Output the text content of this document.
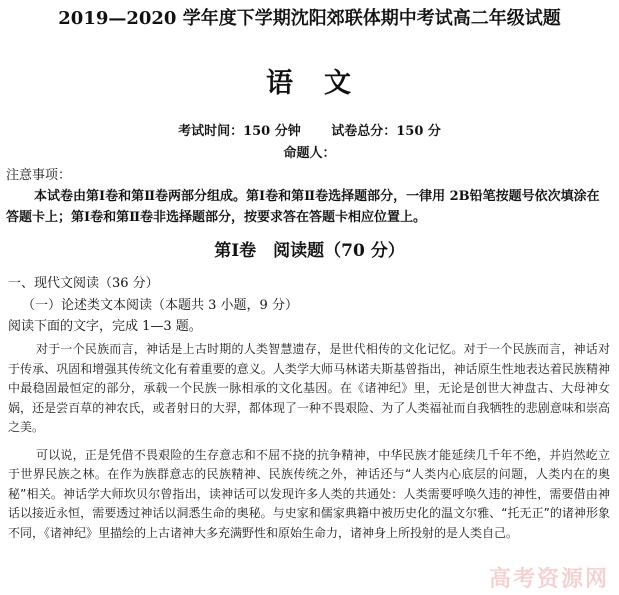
2019—2020 学年度下学期沈阳郊联体期中考试高二年级试题
语　文
考试时间：150 分钟 试卷总分：150 分
命题人：
注意事项：
本试卷由第Ⅰ卷和第Ⅱ卷两部分组成。第Ⅰ卷和第Ⅱ卷选择题部分，一律用 2B铅笔按题号依次填涂在答题卡上；第Ⅰ卷和第Ⅱ卷非选择题部分，按要求答在答题卡相应位置上。
第Ⅰ卷　阅读题（70 分）
一、现代文阅读（36 分）
（一）论述类文本阅读（本题共 3 小题，9 分）
阅读下面的文字，完成 1—3 题。

对于一个民族而言，神话是上古时期的人类智慧遗存，是世代相传的文化记忆。对于一个民族而言，神话对于传承、巩固和增强其传统文化有着重要的意义。人类学大师马林诺夫斯基曾指出，神话原生性地表达着民族精神中最稳固最恒定的部分，承载一个民族一脉相承的文化基因。在《诸神纪》里，无论是创世大神盘古、大母神女娲，还是尝百草的神农氏，或者射日的大羿，都体现了一种不畏艰险、为了人类福祉而自我牺牲的悲剧意味和崇高之美。

可以说，正是凭借不畏艰险的生存意志和不屈不挠的抗争精神，中华民族才能延续几千年不绝，并岿然屹立于世界民族之林。在作为族群意志的民族精神、民族传统之外，神话还与“人类内心底层的问题，人类内在的奥秘”相关。神话学大师坎贝尔曾指出，读神话可以发现许多人类的共通处：人类需要呼唤久违的神性，需要借由神话以接近永恒，需要透过神话以洞悉生命的奥秘。与史家和儒家典籍中被历史化的温文尔雅、“托无正”的诸神形象不同，《诸神纪》里描绘的上古诸神大多充满野性和原始生命力，诸神身上所投射的是人类自己。

高考资源网
